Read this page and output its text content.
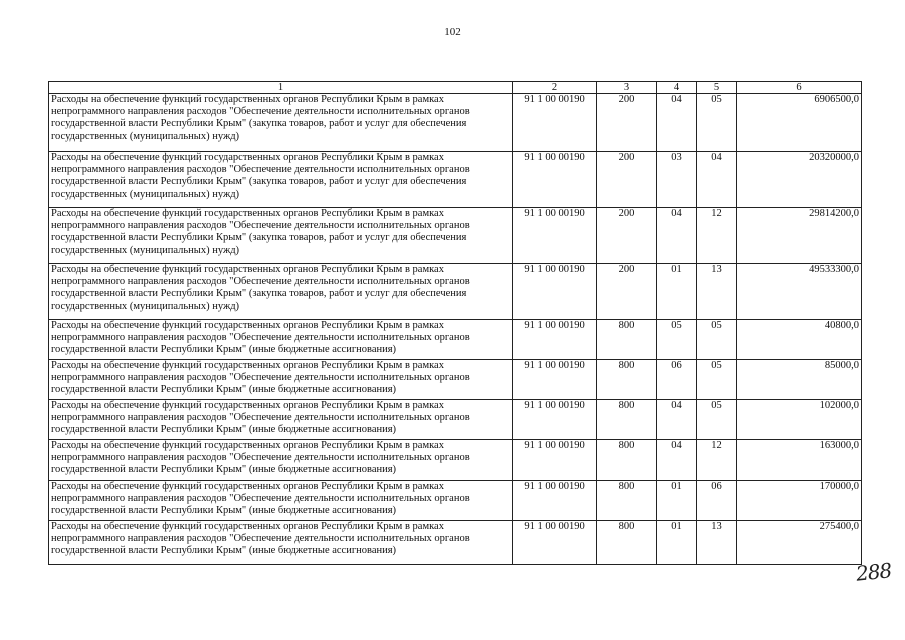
102
1	2	3	4	5	6
Расходы на обеспечение функций государственных органов Республики Крым в рамках непрограммного направления расходов "Обеспечение деятельности исполнительных органов государственной власти Республики Крым" (закупка товаров, работ и услуг для обеспечения государственных (муниципальных) нужд)	91 1 00 00190	200	04	05	6906500,0
Расходы на обеспечение функций государственных органов Республики Крым в рамках непрограммного направления расходов "Обеспечение деятельности исполнительных органов государственной власти Республики Крым" (закупка товаров, работ и услуг для обеспечения государственных (муниципальных) нужд)	91 1 00 00190	200	03	04	20320000,0
Расходы на обеспечение функций государственных органов Республики Крым в рамках непрограммного направления расходов "Обеспечение деятельности исполнительных органов государственной власти Республики Крым" (закупка товаров, работ и услуг для обеспечения государственных (муниципальных) нужд)	91 1 00 00190	200	04	12	29814200,0
Расходы на обеспечение функций государственных органов Республики Крым в рамках непрограммного направления расходов "Обеспечение деятельности исполнительных органов государственной власти Республики Крым" (закупка товаров, работ и услуг для обеспечения государственных (муниципальных) нужд)	91 1 00 00190	200	01	13	49533300,0
Расходы на обеспечение функций государственных органов Республики Крым в рамках непрограммного направления расходов "Обеспечение деятельности исполнительных органов государственной власти Республики Крым" (иные бюджетные ассигнования)	91 1 00 00190	800	05	05	40800,0
Расходы на обеспечение функций государственных органов Республики Крым в рамках непрограммного направления расходов "Обеспечение деятельности исполнительных органов государственной власти Республики Крым" (иные бюджетные ассигнования)	91 1 00 00190	800	06	05	85000,0
Расходы на обеспечение функций государственных органов Республики Крым в рамках непрограммного направления расходов "Обеспечение деятельности исполнительных органов государственной власти Республики Крым" (иные бюджетные ассигнования)	91 1 00 00190	800	04	05	102000,0
Расходы на обеспечение функций государственных органов Республики Крым в рамках непрограммного направления расходов "Обеспечение деятельности исполнительных органов государственной власти Республики Крым" (иные бюджетные ассигнования)	91 1 00 00190	800	04	12	163000,0
Расходы на обеспечение функций государственных органов Республики Крым в рамках непрограммного направления расходов "Обеспечение деятельности исполнительных органов государственной власти Республики Крым" (иные бюджетные ассигнования)	91 1 00 00190	800	01	06	170000,0
Расходы на обеспечение функций государственных органов Республики Крым в рамках непрограммного направления расходов "Обеспечение деятельности исполнительных органов государственной власти Республики Крым" (иные бюджетные ассигнования)	91 1 00 00190	800	01	13	275400,0
288
